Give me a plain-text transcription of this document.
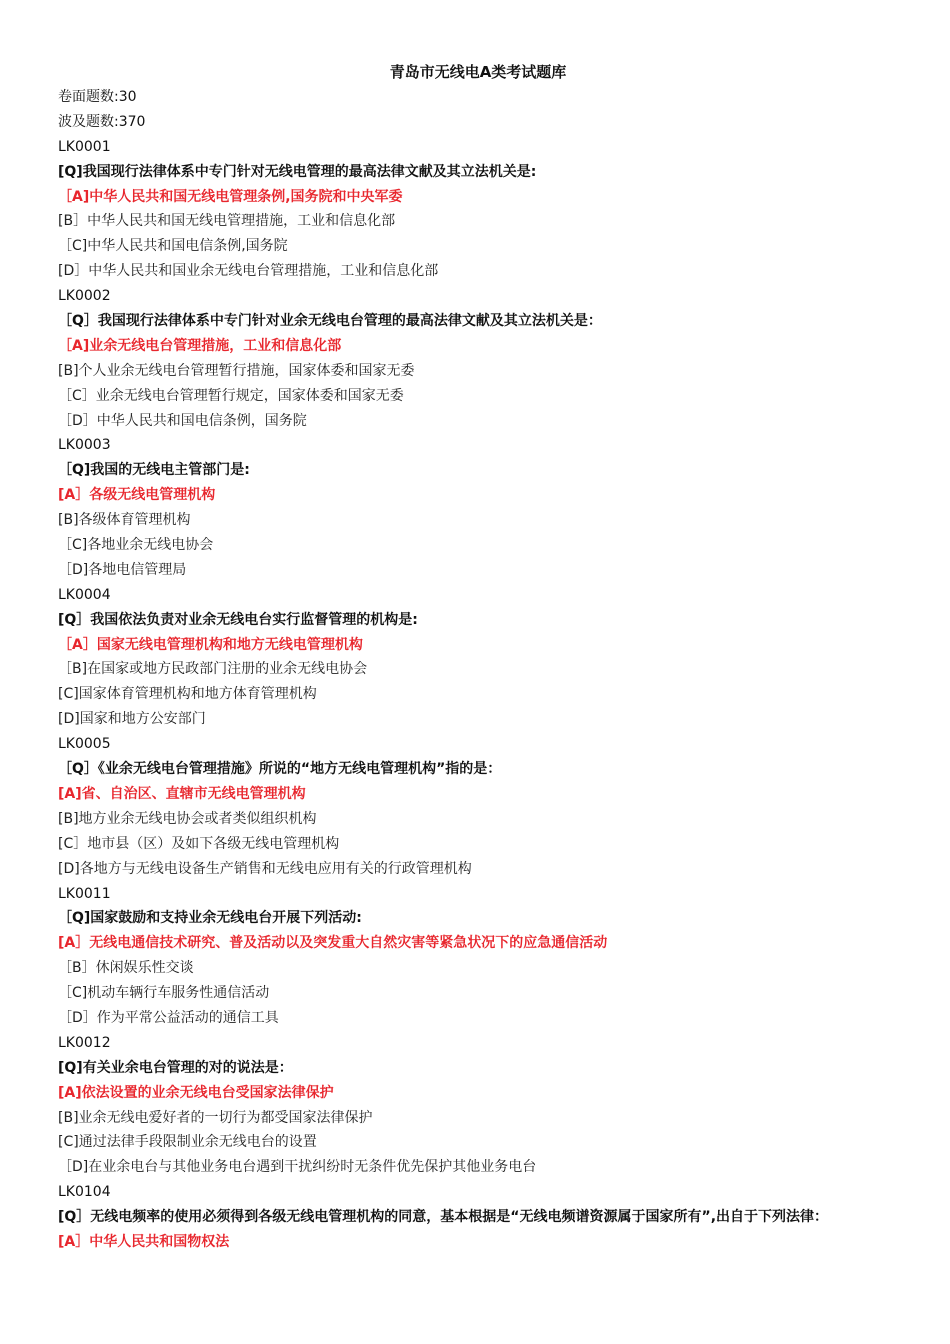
青岛市无线电A类考试题库
卷面题数:30
波及题数:370
LK0001
[Q]我国现行法律体系中专门针对无线电管理的最高法律文献及其立法机关是:
［A]中华人民共和国无线电管理条例,国务院和中央军委
[B］中华人民共和国无线电管理措施，工业和信息化部
［C]中华人民共和国电信条例,国务院
[D］中华人民共和国业余无线电台管理措施，工业和信息化部
LK0002
［Q］我国现行法律体系中专门针对业余无线电台管理的最高法律文献及其立法机关是：
［A]业余无线电台管理措施，工业和信息化部
[B]个人业余无线电台管理暂行措施，国家体委和国家无委
［C］业余无线电台管理暂行规定，国家体委和国家无委
［D］中华人民共和国电信条例，国务院
LK0003
［Q]我国的无线电主管部门是:
[A］各级无线电管理机构
[B]各级体育管理机构
［C]各地业余无线电协会
［D]各地电信管理局
LK0004
[Q］我国依法负责对业余无线电台实行监督管理的机构是:
［A］国家无线电管理机构和地方无线电管理机构
［B]在国家或地方民政部门注册的业余无线电协会
[C]国家体育管理机构和地方体育管理机构
[D]国家和地方公安部门
LK0005
［Q］《业余无线电台管理措施》所说的“地方无线电管理机构”指的是：
[A]省、自治区、直辖市无线电管理机构
[B]地方业余无线电协会或者类似组织机构
[C］地市县（区）及如下各级无线电管理机构
[D]各地方与无线电设备生产销售和无线电应用有关的行政管理机构
LK0011
［Q]国家鼓励和支持业余无线电台开展下列活动:
[A］无线电通信技术研究、普及活动以及突发重大自然灾害等紧急状况下的应急通信活动
［B］休闲娱乐性交谈
［C]机动车辆行车服务性通信活动
［D］作为平常公益活动的通信工具
LK0012
[Q]有关业余电台管理的对的说法是：
[A]依法设置的业余无线电台受国家法律保护
[B]业余无线电爱好者的一切行为都受国家法律保护
[C]通过法律手段限制业余无线电台的设置
［D]在业余电台与其他业务电台遇到干扰纠纷时无条件优先保护其他业务电台
LK0104
[Q］无线电频率的使用必须得到各级无线电管理机构的同意，基本根据是“无线电频谱资源属于国家所有”,出自于下列法律：
[A］中华人民共和国物权法
